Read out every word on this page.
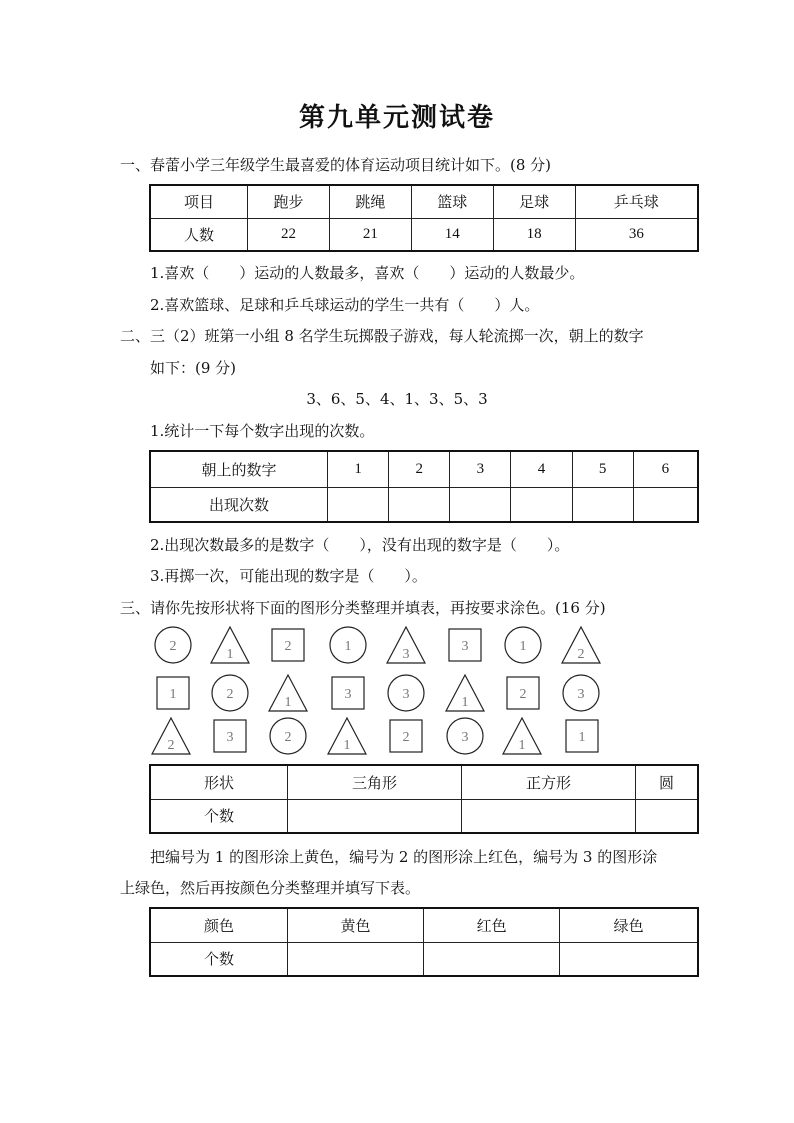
第九单元测试卷
一、春蕾小学三年级学生最喜爱的体育运动项目统计如下。(8 分)
项目	跑步	跳绳	篮球	足球	乒乓球
人数	22	21	14	18	36
1.喜欢（　　）运动的人数最多，喜欢（　　）运动的人数最少。
2.喜欢篮球、足球和乒乓球运动的学生一共有（　　）人。
二、三（2）班第一小组 8 名学生玩掷骰子游戏，每人轮流掷一次，朝上的数字
如下：(9 分)
3、6、5、4、1、3、5、3
1.统计一下每个数字出现的次数。
朝上的数字	1	2	3	4	5	6
出现次数						
2.出现次数最多的是数字（　　），没有出现的数字是（　　）。
3.再掷一次，可能出现的数字是（　　）。
三、请你先按形状将下面的图形分类整理并填表，再按要求涂色。(16 分)
2
1
2	1
3
3	1
2
1	2
1
3	3
1
2	3
2
3	2
1
2	3
1
1
形状	三角形	正方形	圆
个数			
把编号为 1 的图形涂上黄色，编号为 2 的图形涂上红色，编号为 3 的图形涂
上绿色，然后再按颜色分类整理并填写下表。
颜色	黄色	红色	绿色
个数			
